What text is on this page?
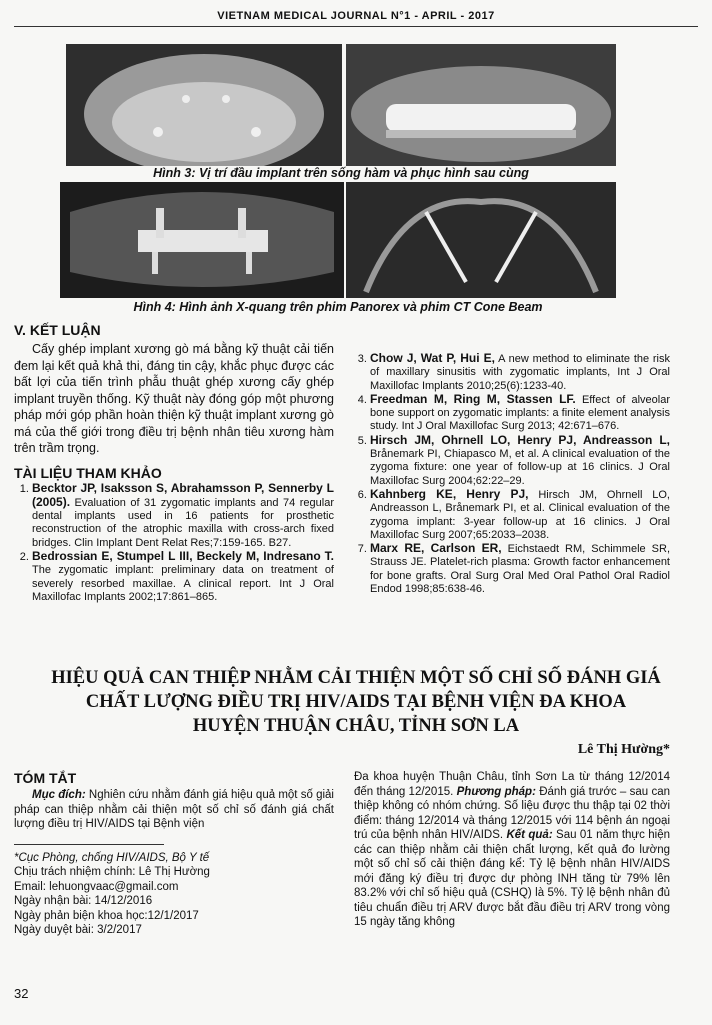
VIETNAM MEDICAL JOURNAL N°1 - APRIL - 2017
Hình 3: Vị trí đầu implant trên sống hàm và phục hình sau cùng
Hình 4: Hình ảnh X-quang trên phim Panorex và phim CT Cone Beam
V. KẾT LUẬN
Cấy ghép implant xương gò má bằng kỹ thuật cải tiến đem lại kết quả khả thi, đáng tin cậy, khắc phục được các bất lợi của tiến trình phẫu thuật ghép xương cấy ghép implant truyền thống. Kỹ thuật này đóng góp một phương pháp mới góp phần hoàn thiện kỹ thuật implant xương gò má của thế giới trong điều trị bệnh nhân tiêu xương hàm trên trầm trọng.
TÀI LIỆU THAM KHẢO
1. Becktor JP, Isaksson S, Abrahamsson P, Sennerby L (2005). Evaluation of 31 zygomatic implants and 74 regular dental implants used in 16 patients for prosthetic reconstruction of the atrophic maxilla with cross-arch fixed bridges. Clin Implant Dent Relat Res;7:159-165. B27.
2. Bedrossian E, Stumpel L III, Beckely M, Indresano T. The zygomatic implant: preliminary data on treatment of severely resorbed maxillae. A clinical report. Int J Oral Maxillofac Implants 2002;17:861–865.
3. Chow J, Wat P, Hui E, A new method to eliminate the risk of maxillary sinusitis with zygomatic implants, Int J Oral Maxillofac Implants 2010;25(6):1233-40.
4. Freedman M, Ring M, Stassen LF. Effect of alveolar bone support on zygomatic implants: a finite element analysis study. Int J Oral Maxillofac Surg 2013; 42:671–676.
5. Hirsch JM, Ohrnell LO, Henry PJ, Andreasson L, Brånemark PI, Chiapasco M, et al. A clinical evaluation of the zygoma fixture: one year of follow-up at 16 clinics. J Oral Maxillofac Surg 2004;62:22–29.
6. Kahnberg KE, Henry PJ, Hirsch JM, Ohrnell LO, Andreasson L, Brånemark PI, et al. Clinical evaluation of the zygoma implant: 3-year follow-up at 16 clinics. J Oral Maxillofac Surg 2007;65:2033–2038.
7. Marx RE, Carlson ER, Eichstaedt RM, Schimmele SR, Strauss JE. Platelet-rich plasma: Growth factor enhancement for bone grafts. Oral Surg Oral Med Oral Pathol Oral Radiol Endod 1998;85:638-46.
HIỆU QUẢ CAN THIỆP NHẰM CẢI THIỆN MỘT SỐ CHỈ SỐ ĐÁNH GIÁ
CHẤT LƯỢNG ĐIỀU TRỊ HIV/AIDS TẠI BỆNH VIỆN ĐA KHOA
HUYỆN THUẬN CHÂU, TỈNH SƠN LA
Lê Thị Hường*
TÓM TẮT
Mục đích: Nghiên cứu nhằm đánh giá hiệu quả một số giải pháp can thiệp nhằm cải thiện một số chỉ số đánh giá chất lượng điều trị HIV/AIDS tại Bệnh viện
*Cục Phòng, chống HIV/AIDS, Bộ Y tế
Chịu trách nhiệm chính: Lê Thị Hường
Email: lehuongvaac@gmail.com
Ngày nhận bài: 14/12/2016
Ngày phản biện khoa học:12/1/2017
Ngày duyệt bài: 3/2/2017
Đa khoa huyện Thuận Châu, tỉnh Sơn La từ tháng 12/2014 đến tháng 12/2015. Phương pháp: Đánh giá trước – sau can thiệp không có nhóm chứng. Số liệu được thu thập tại 02 thời điểm: tháng 12/2014 và tháng 12/2015 với 114 bệnh án ngoại trú của bệnh nhân HIV/AIDS. Kết quả: Sau 01 năm thực hiện các can thiệp nhằm cải thiện chất lượng, kết quả đo lường một số chỉ số cải thiện đáng kể: Tỷ lệ bệnh nhân HIV/AIDS mới đăng ký điều trị được dự phòng INH tăng từ 79% lên 83.2% với chỉ số hiệu quả (CSHQ) là 5%. Tỷ lệ bệnh nhân đủ tiêu chuẩn điều trị ARV được bắt đầu điều trị ARV trong vòng 15 ngày tăng không
32
